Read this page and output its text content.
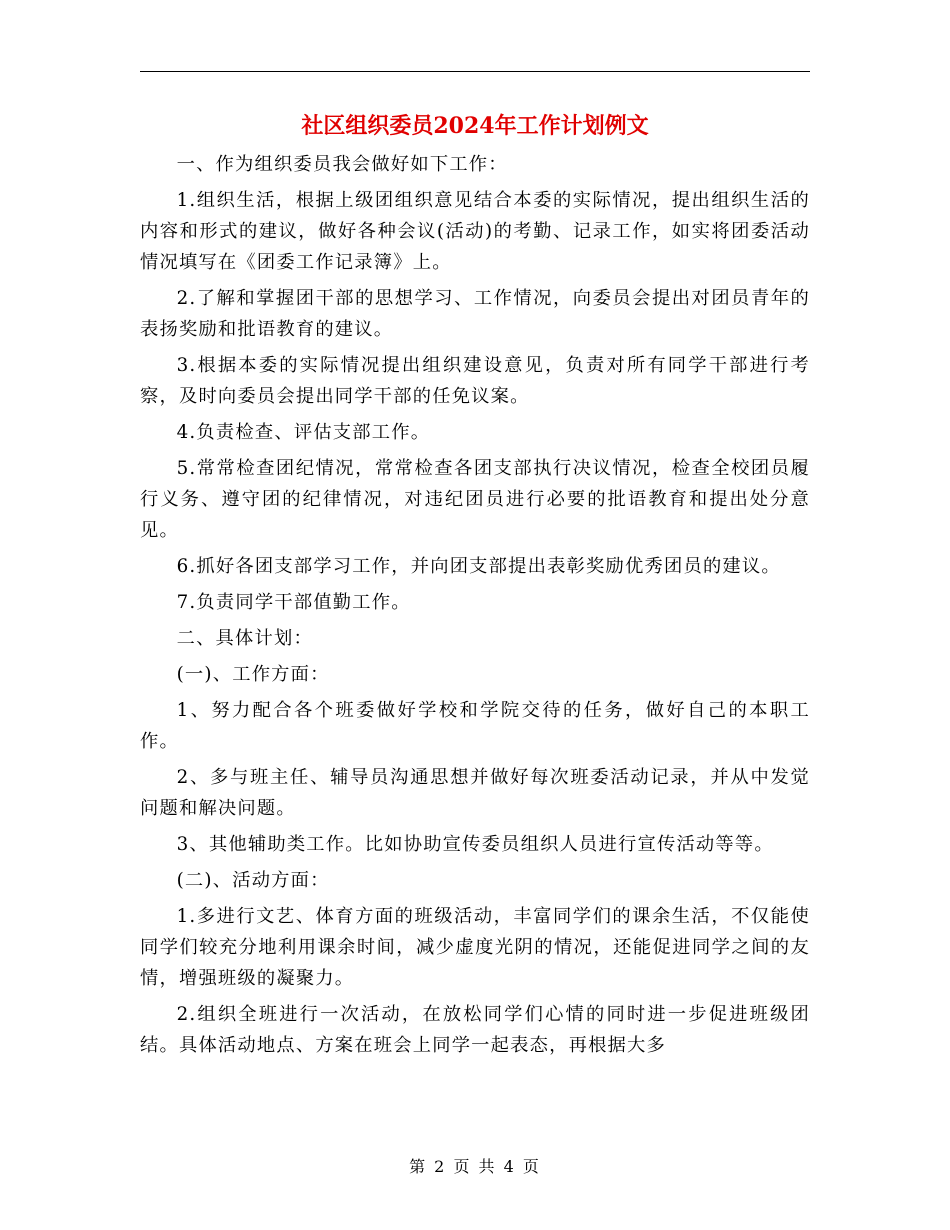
社区组织委员2024年工作计划例文

一、作为组织委员我会做好如下工作：

1.组织生活，根据上级团组织意见结合本委的实际情况，提出组织生活的内容和形式的建议，做好各种会议(活动)的考勤、记录工作，如实将团委活动情况填写在《团委工作记录簿》上。

2.了解和掌握团干部的思想学习、工作情况，向委员会提出对团员青年的表扬奖励和批语教育的建议。

3.根据本委的实际情况提出组织建设意见，负责对所有同学干部进行考察，及时向委员会提出同学干部的任免议案。

4.负责检查、评估支部工作。

5.常常检查团纪情况，常常检查各团支部执行决议情况，检查全校团员履行义务、遵守团的纪律情况，对违纪团员进行必要的批语教育和提出处分意见。

6.抓好各团支部学习工作，并向团支部提出表彰奖励优秀团员的建议。

7.负责同学干部值勤工作。

二、具体计划：

(一)、工作方面：

1、努力配合各个班委做好学校和学院交待的任务，做好自己的本职工作。

2、多与班主任、辅导员沟通思想并做好每次班委活动记录，并从中发觉问题和解决问题。

3、其他辅助类工作。比如协助宣传委员组织人员进行宣传活动等等。

(二)、活动方面：

1.多进行文艺、体育方面的班级活动，丰富同学们的课余生活，不仅能使同学们较充分地利用课余时间，减少虚度光阴的情况，还能促进同学之间的友情，增强班级的凝聚力。

2.组织全班进行一次活动，在放松同学们心情的同时进一步促进班级团结。具体活动地点、方案在班会上同学一起表态，再根据大多

第 2 页 共 4 页
